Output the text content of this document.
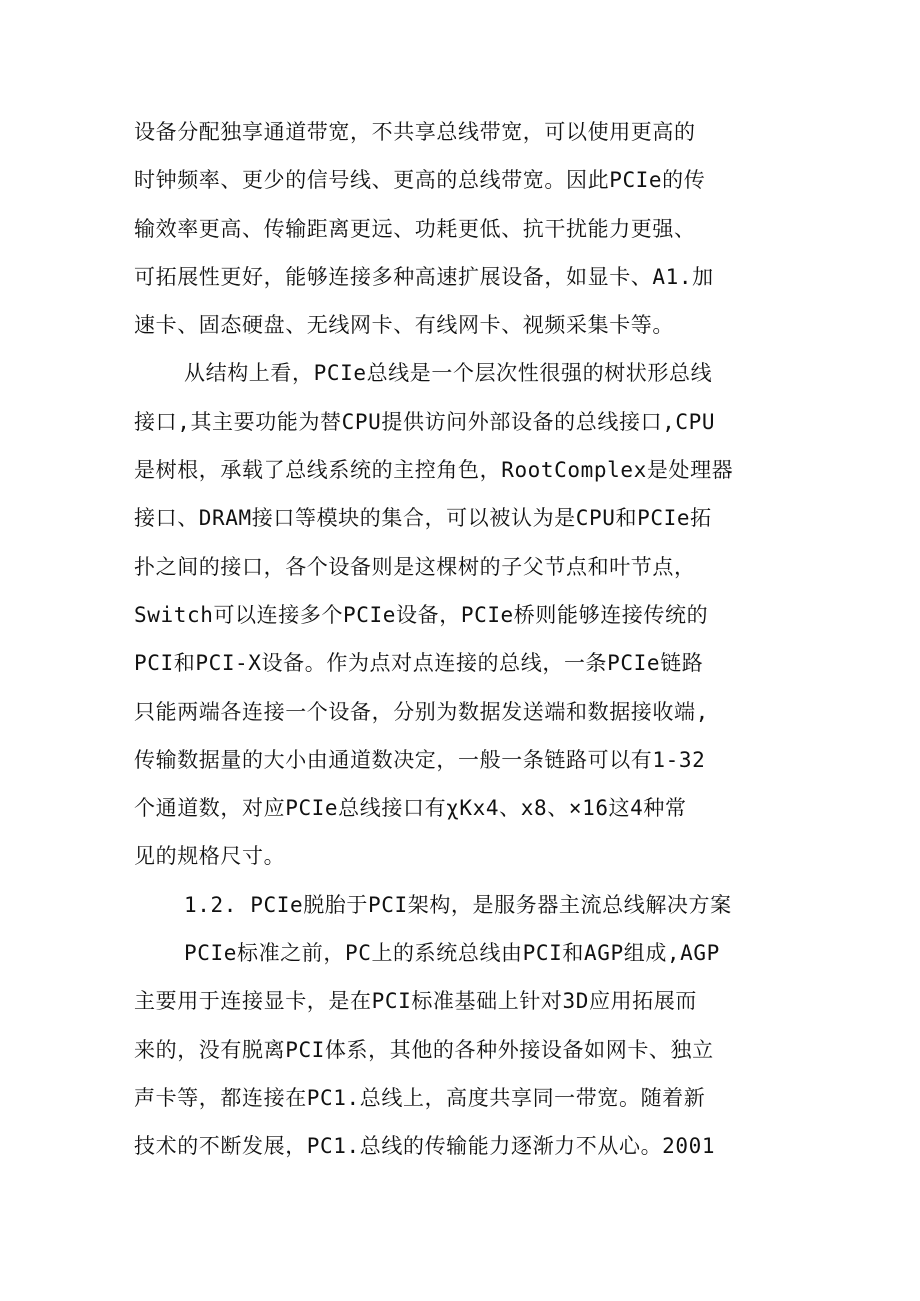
设备分配独享通道带宽，不共享总线带宽，可以使用更高的
时钟频率、更少的信号线、更高的总线带宽。因此PCIe的传
输效率更高、传输距离更远、功耗更低、抗干扰能力更强、
可拓展性更好，能够连接多种高速扩展设备，如显卡、A1.加
速卡、固态硬盘、无线网卡、有线网卡、视频采集卡等。
从结构上看，PCIe总线是一个层次性很强的树状形总线
接口,其主要功能为替CPU提供访问外部设备的总线接口,CPU
是树根，承载了总线系统的主控角色，RootComplex是处理器
接口、DRAM接口等模块的集合，可以被认为是CPU和PCIe拓
扑之间的接口，各个设备则是这棵树的子父节点和叶节点，
Switch可以连接多个PCIe设备，PCIe桥则能够连接传统的
PCI和PCI-X设备。作为点对点连接的总线，一条PCIe链路
只能两端各连接一个设备，分别为数据发送端和数据接收端,
传输数据量的大小由通道数决定，一般一条链路可以有1-32
个通道数，对应PCIe总线接口有χKx4、x8、×16这4种常
见的规格尺寸。
1.2. PCIe脱胎于PCI架构，是服务器主流总线解决方案
PCIe标准之前，PC上的系统总线由PCI和AGP组成,AGP
主要用于连接显卡，是在PCI标准基础上针对3D应用拓展而
来的，没有脱离PCI体系，其他的各种外接设备如网卡、独立
声卡等，都连接在PC1.总线上，高度共享同一带宽。随着新
技术的不断发展，PC1.总线的传输能力逐渐力不从心。2001
